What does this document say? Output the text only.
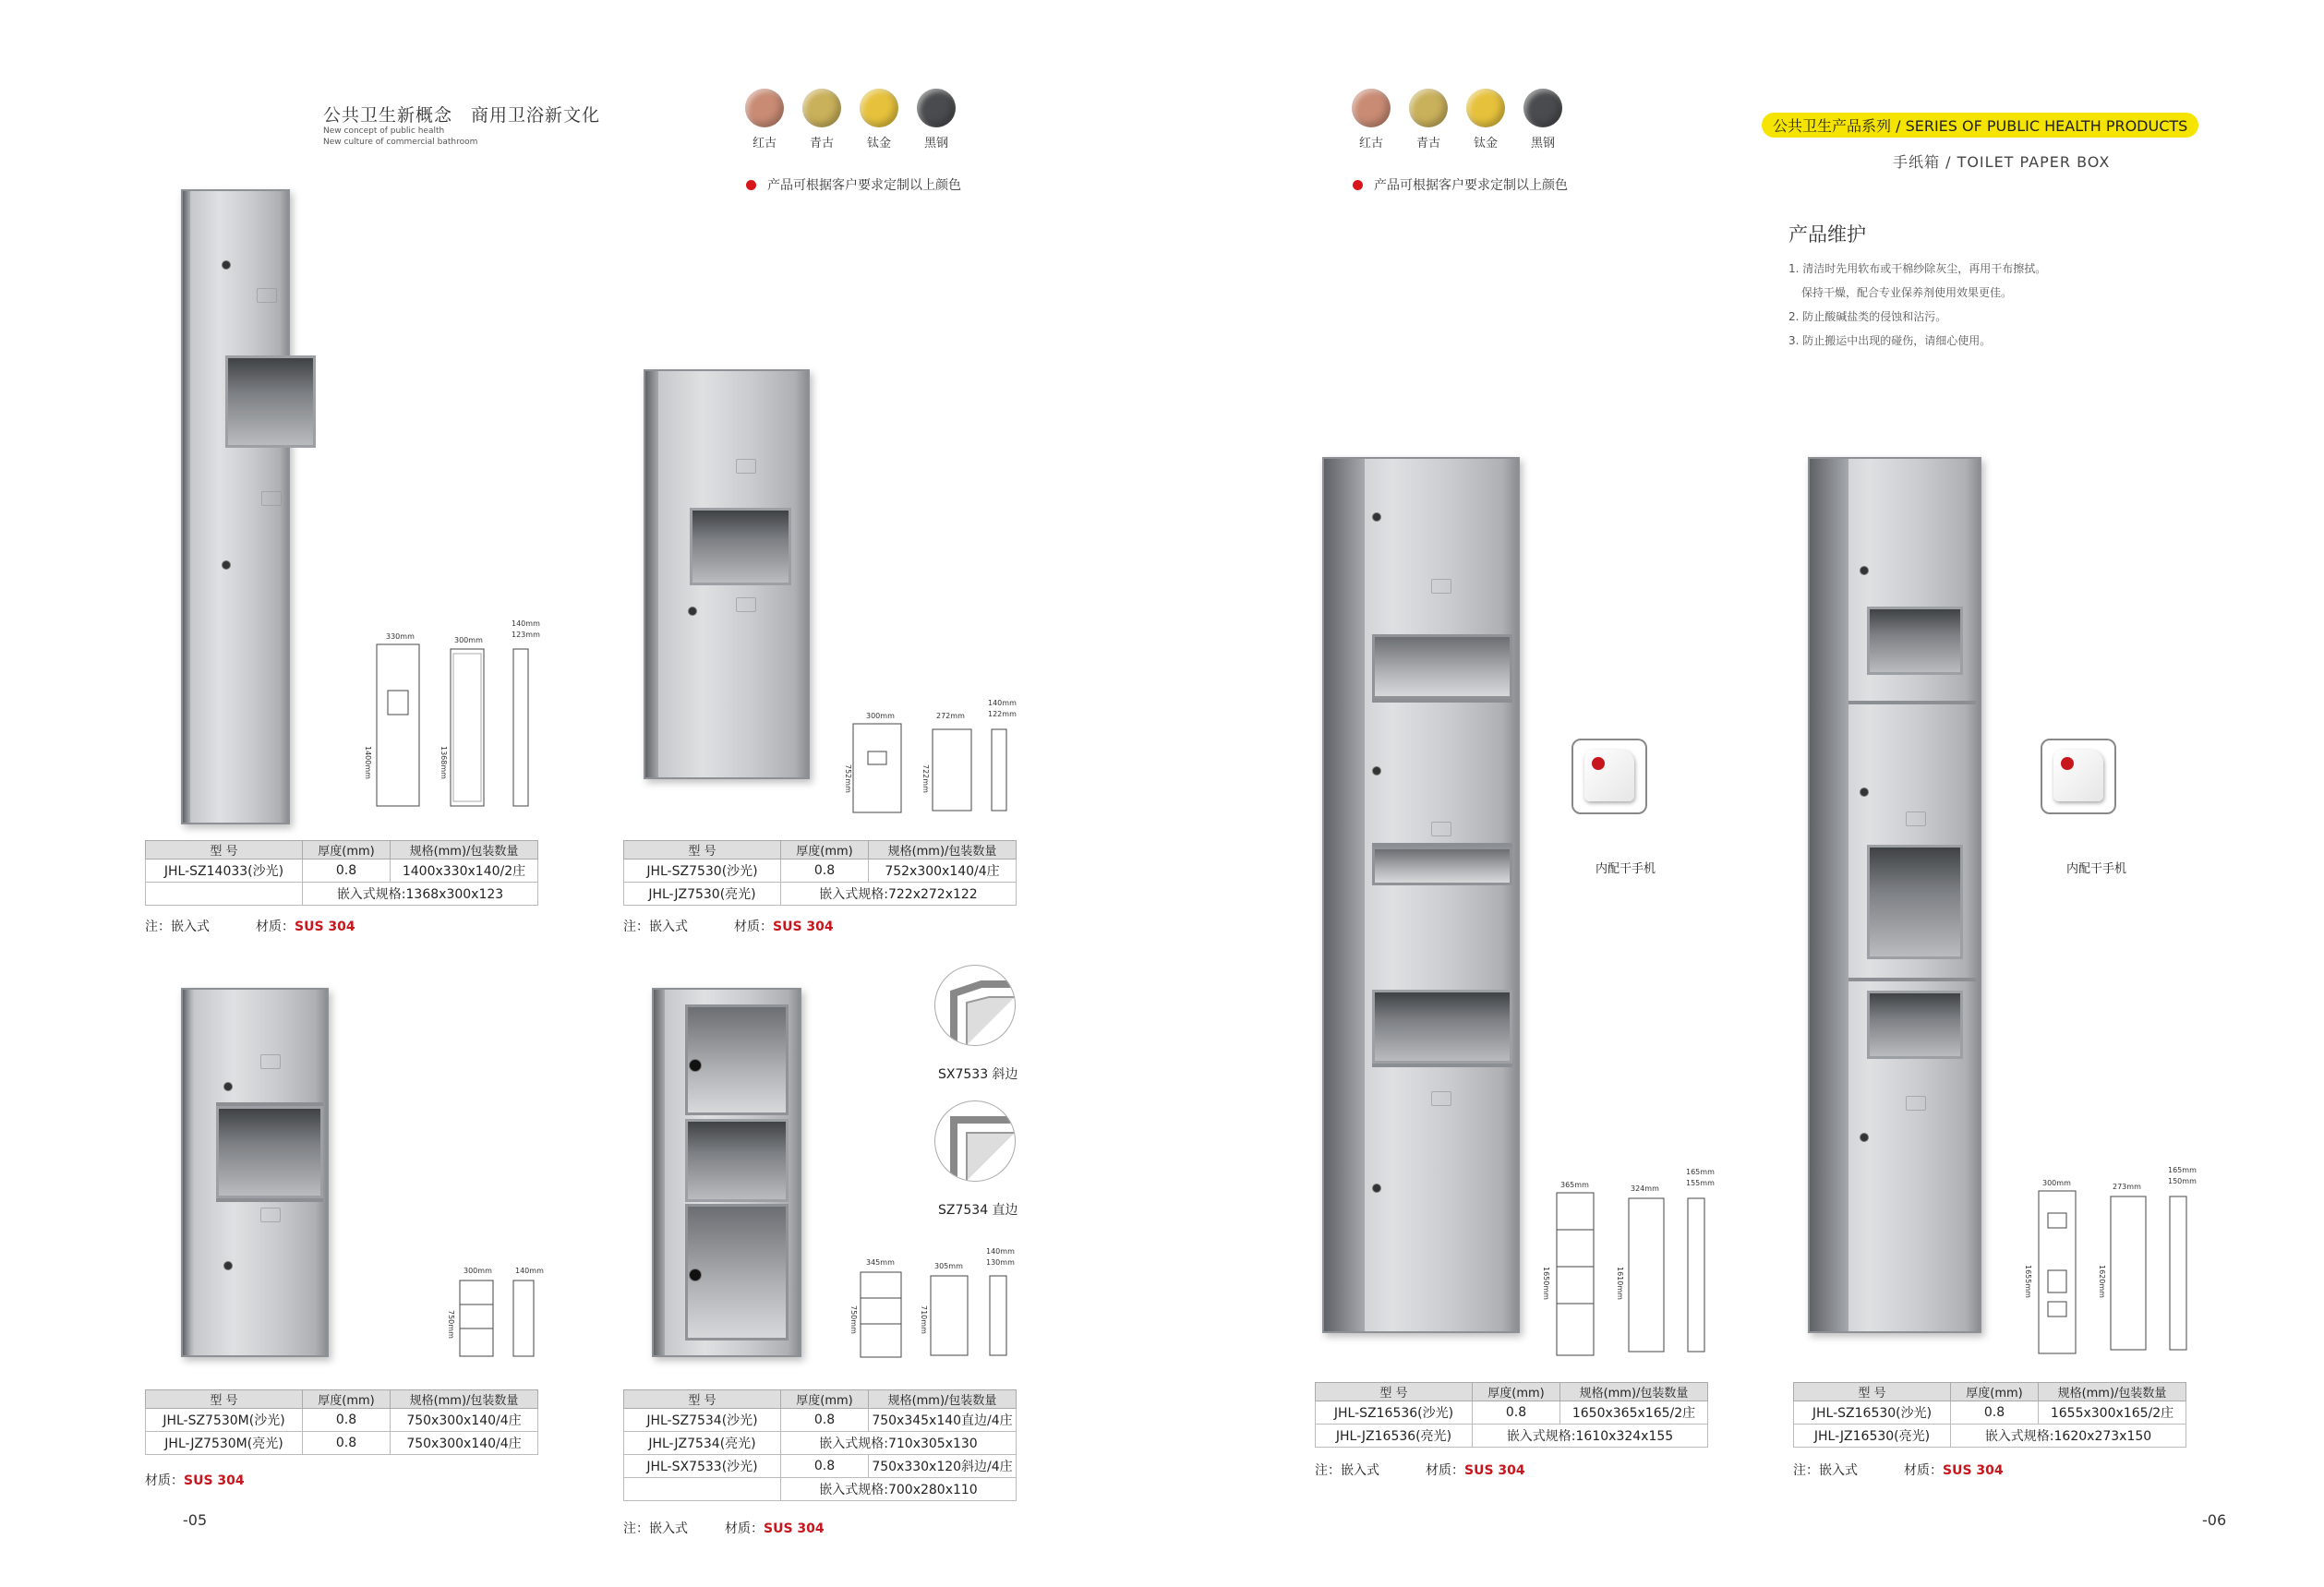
公共卫生新概念　商用卫浴新文化
New concept of public health
New culture of commercial bathroom	红古	青古	钛金	黑钢
产品可根据客户要求定制以上颜色
红古	青古	钛金	黑钢
产品可根据客户要求定制以上颜色
公共卫生产品系列 / SERIES OF PUBLIC HEALTH PRODUCTS
手纸箱 / TOILET PAPER BOX
产品维护
1. 清洁时先用软布或干棉纱除灰尘，再用干布擦拭。
保持干燥，配合专业保养剂使用效果更佳。
2. 防止酸碱盐类的侵蚀和沾污。
3. 防止搬运中出现的碰伤，请细心使用。
330mm	300mm
140mm
123mm
1400mm	1368mm
型 号	厚度(mm)	规格(mm)/包装数量
JHL-SZ14033(沙光)	0.8	1400x330x140/2庄
	嵌入式规格:1368x300x123	
注：嵌入式	材质：SUS 304
300mm	272mm
140mm
122mm
752mm	722mm
型 号	厚度(mm)	规格(mm)/包装数量
JHL-SZ7530(沙光)	0.8	752x300x140/4庄
JHL-JZ7530(亮光)	嵌入式规格:722x272x122	
注：嵌入式	材质：SUS 304
300mm	140mm
750mm
型 号	厚度(mm)	规格(mm)/包装数量
JHL-SZ7530M(沙光)	0.8	750x300x140/4庄
JHL-JZ7530M(亮光)	0.8	750x300x140/4庄
材质：SUS 304
SX7533 斜边
SZ7534 直边
345mm	305mm
140mm
130mm
750mm	710mm
型 号	厚度(mm)	规格(mm)/包装数量
JHL-SZ7534(沙光)	0.8	750x345x140直边/4庄
JHL-JZ7534(亮光)	嵌入式规格:710x305x130	
JHL-SX7533(沙光)	0.8	750x330x120斜边/4庄
	嵌入式规格:700x280x110	
注：嵌入式	材质：SUS 304
-05
内配干手机
365mm	324mm
165mm
155mm
1650mm	1610mm
型 号	厚度(mm)	规格(mm)/包装数量
JHL-SZ16536(沙光)	0.8	1650x365x165/2庄
JHL-JZ16536(亮光)	嵌入式规格:1610x324x155	
注：嵌入式	材质：SUS 304
内配干手机
300mm	273mm
165mm
150mm
1655mm	1620mm
型 号	厚度(mm)	规格(mm)/包装数量
JHL-SZ16530(沙光)	0.8	1655x300x165/2庄
JHL-JZ16530(亮光)	嵌入式规格:1620x273x150	
注：嵌入式	材质：SUS 304
-06
